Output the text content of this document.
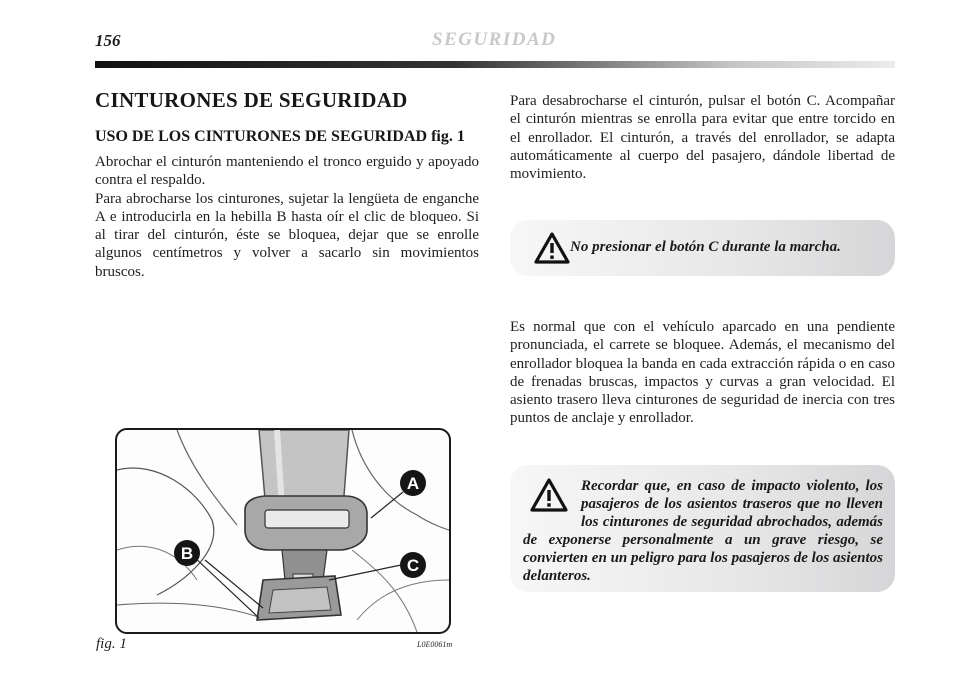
156	SEGURIDAD
CINTURONES DE SEGURIDAD
USO DE LOS CINTURONES DE SEGURIDAD fig. 1

Abrochar el cinturón manteniendo el tronco erguido y apoyado contra el respaldo.

Para abrocharse los cinturones, sujetar la lengüeta de enganche A e introducirla en la hebilla B hasta oír el clic de bloqueo. Si al tirar del cinturón, éste se bloquea, dejar que se enrolle algunos centímetros y volver a sacarlo sin movimientos bruscos.

Para desabrocharse el cinturón, pulsar el botón C. Acompañar el cinturón mientras se enrolla para evitar que entre torcido en el enrollador. El cinturón, a través del enrollador, se adapta automáticamente al cuerpo del pasajero, dándole libertad de movimiento.

No presionar el botón C durante la marcha.

Es normal que con el vehículo aparcado en una pendiente pronunciada, el carrete se bloquee. Además, el mecanismo del enrollador bloquea la banda en cada extracción rápida o en caso de frenadas bruscas, impactos y curvas a gran velocidad. El asiento trasero lleva cinturones de seguridad de inercia con tres puntos de anclaje y enrollador.

Recordar que, en caso de impacto violento, los pasajeros de los asientos traseros que no lleven los cinturones de seguridad abrochados, además de exponerse personalmente a un grave riesgo, se convierten en un peligro para los pasajeros de los asientos delanteros.
A
B
C
fig. 1	L0E0061m
